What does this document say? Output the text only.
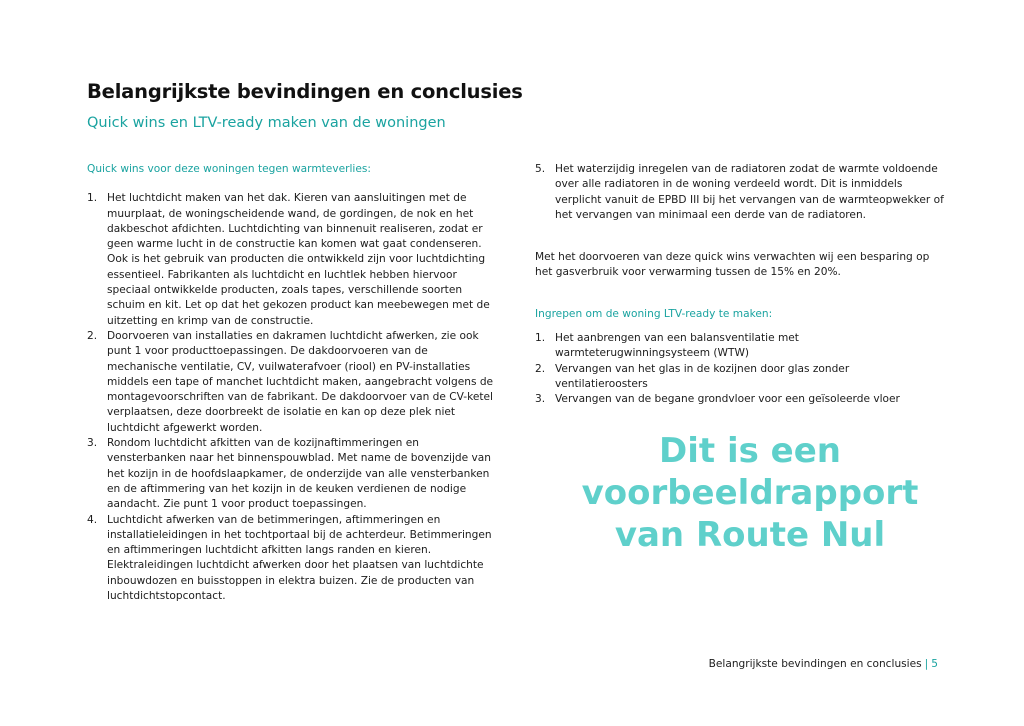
Belangrijkste bevindingen en conclusies
Quick wins en LTV-ready maken van de woningen
Quick wins voor deze woningen tegen warmteverlies:
1. Het luchtdicht maken van het dak. Kieren van aansluitingen met de muurplaat, de woningscheidende wand, de gordingen, de nok en het dakbeschot afdichten. Luchtdichting van binnenuit realiseren, zodat er geen warme lucht in de constructie kan komen wat gaat condenseren. Ook is het gebruik van producten die ontwikkeld zijn voor luchtdichting essentieel. Fabrikanten als luchtdicht en luchtlek hebben hiervoor speciaal ontwikkelde producten, zoals tapes, verschillende soorten schuim en kit. Let op dat het gekozen product kan meebewegen met de uitzetting en krimp van de constructie.
2. Doorvoeren van installaties en dakramen luchtdicht afwerken, zie ook punt 1 voor producttoepassingen. De dakdoorvoeren van de mechanische ventilatie, CV, vuilwaterafvoer (riool) en PV-installaties middels een tape of manchet luchtdicht maken, aangebracht volgens de montagevoorschriften van de fabrikant. De dakdoorvoer van de CV-ketel verplaatsen, deze doorbreekt de isolatie en kan op deze plek niet luchtdicht afgewerkt worden.
3. Rondom luchtdicht afkitten van de kozijnaftimmeringen en vensterbanken naar het binnenspouwblad. Met name de bovenzijde van het kozijn in de hoofdslaapkamer, de onderzijde van alle vensterbanken en de aftimmering van het kozijn in de keuken verdienen de nodige aandacht. Zie punt 1 voor product toepassingen.
4. Luchtdicht afwerken van de betimmeringen, aftimmeringen en installatieleidingen in het tochtportaal bij de achterdeur. Betimmeringen en aftimmeringen luchtdicht afkitten langs randen en kieren. Elektraleidingen luchtdicht afwerken door het plaatsen van luchtdichte inbouwdozen en buisstoppen in elektra buizen. Zie de producten van luchtdichtstopcontact.
5. Het waterzijdig inregelen van de radiatoren zodat de warmte voldoende over alle radiatoren in de woning verdeeld wordt. Dit is inmiddels verplicht vanuit de EPBD III bij het vervangen van de warmteopwekker of het vervangen van minimaal een derde van de radiatoren.

Met het doorvoeren van deze quick wins verwachten wij een besparing op het gasverbruik voor verwarming tussen de 15% en 20%.

Ingrepen om de woning LTV-ready te maken:
1. Het aanbrengen van een balansventilatie met warmteterugwinningsysteem (WTW)
2. Vervangen van het glas in de kozijnen door glas zonder ventilatieroosters
3. Vervangen van de begane grondvloer voor een geïsoleerde vloer
Dit is een voorbeeldrapport van Route Nul
Belangrijkste bevindingen en conclusies | 5
